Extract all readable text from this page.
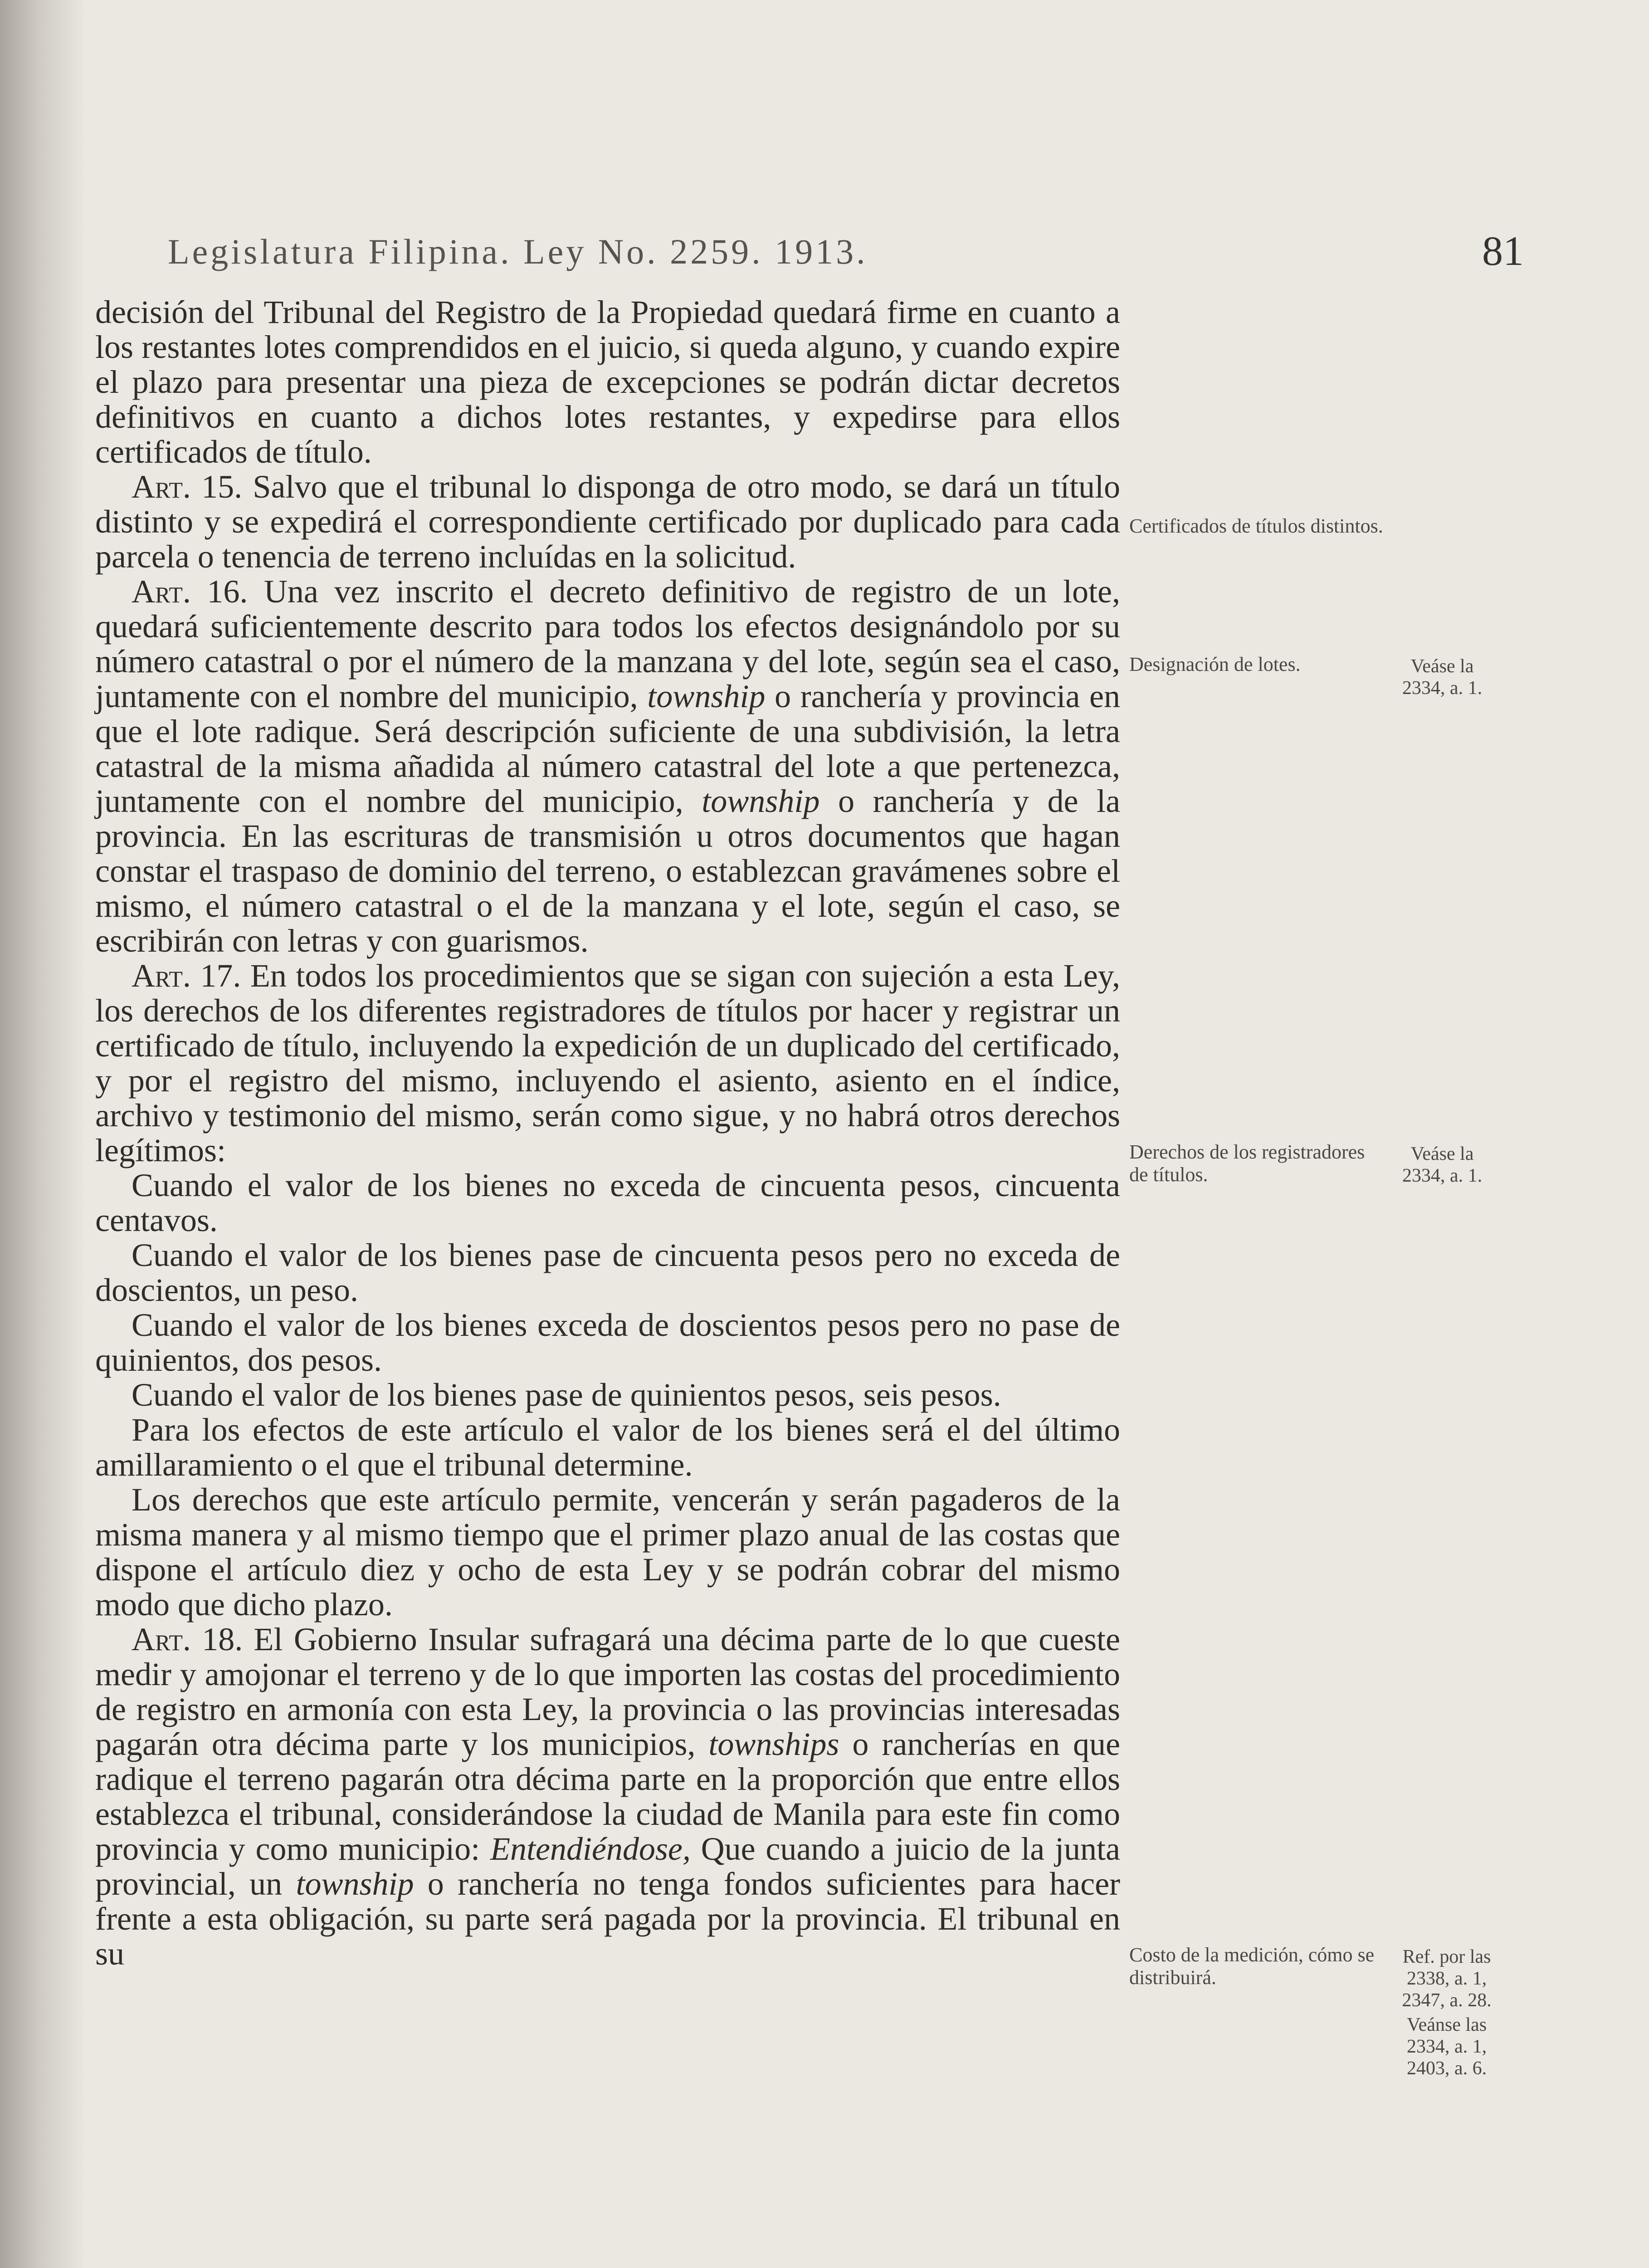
Legislatura Filipina. Ley No. 2259. 1913.	81

decisión del Tribunal del Registro de la Propiedad quedará firme en cuanto a los restantes lotes comprendidos en el juicio, si queda alguno, y cuando expire el plazo para presentar una pieza de excepciones se podrán dictar decretos definitivos en cuanto a dichos lotes restantes, y expedirse para ellos certificados de título.

Art. 15. Salvo que el tribunal lo disponga de otro modo, se dará un título distinto y se expedirá el correspondiente certificado por duplicado para cada parcela o tenencia de terreno incluídas en la solicitud.

Art. 16. Una vez inscrito el decreto definitivo de registro de un lote, quedará suficientemente descrito para todos los efectos designándolo por su número catastral o por el número de la manzana y del lote, según sea el caso, juntamente con el nombre del municipio, township o ranchería y provincia en que el lote radique. Será descripción suficiente de una subdivisión, la letra catastral de la misma añadida al número catastral del lote a que pertenezca, juntamente con el nombre del municipio, township o ranchería y de la provincia. En las escrituras de transmisión u otros documentos que hagan constar el traspaso de dominio del terreno, o establezcan gravámenes sobre el mismo, el número catastral o el de la manzana y el lote, según el caso, se escribirán con letras y con guarismos.

Art. 17. En todos los procedimientos que se sigan con sujeción a esta Ley, los derechos de los diferentes registradores de títulos por hacer y registrar un certificado de título, incluyendo la expedición de un duplicado del certificado, y por el registro del mismo, incluyendo el asiento, asiento en el índice, archivo y testimonio del mismo, serán como sigue, y no habrá otros derechos legítimos:

Cuando el valor de los bienes no exceda de cincuenta pesos, cincuenta centavos.

Cuando el valor de los bienes pase de cincuenta pesos pero no exceda de doscientos, un peso.

Cuando el valor de los bienes exceda de doscientos pesos pero no pase de quinientos, dos pesos.

Cuando el valor de los bienes pase de quinientos pesos, seis pesos.

Para los efectos de este artículo el valor de los bienes será el del último amillaramiento o el que el tribunal determine.

Los derechos que este artículo permite, vencerán y serán pagaderos de la misma manera y al mismo tiempo que el primer plazo anual de las costas que dispone el artículo diez y ocho de esta Ley y se podrán cobrar del mismo modo que dicho plazo.

Art. 18. El Gobierno Insular sufragará una décima parte de lo que cueste medir y amojonar el terreno y de lo que importen las costas del procedimiento de registro en armonía con esta Ley, la provincia o las provincias interesadas pagarán otra décima parte y los municipios, townships o rancherías en que radique el terreno pagarán otra décima parte en la proporción que entre ellos establezca el tribunal, considerándose la ciudad de Manila para este fin como provincia y como municipio: Entendiéndose, Que cuando a juicio de la junta provincial, un township o ranchería no tenga fondos suficientes para hacer frente a esta obligación, su parte será pagada por la provincia. El tribunal en su

Certificados de títulos distintos.
Designación de lotes.
Derechos de los registradores de títulos.
Costo de la medición, cómo se distribuirá.
Veáse la 2334, a. 1.
Veáse la 2334, a. 1.
Ref. por las 2338, a. 1, 2347, a. 28.
Veánse las 2334, a. 1, 2403, a. 6.
